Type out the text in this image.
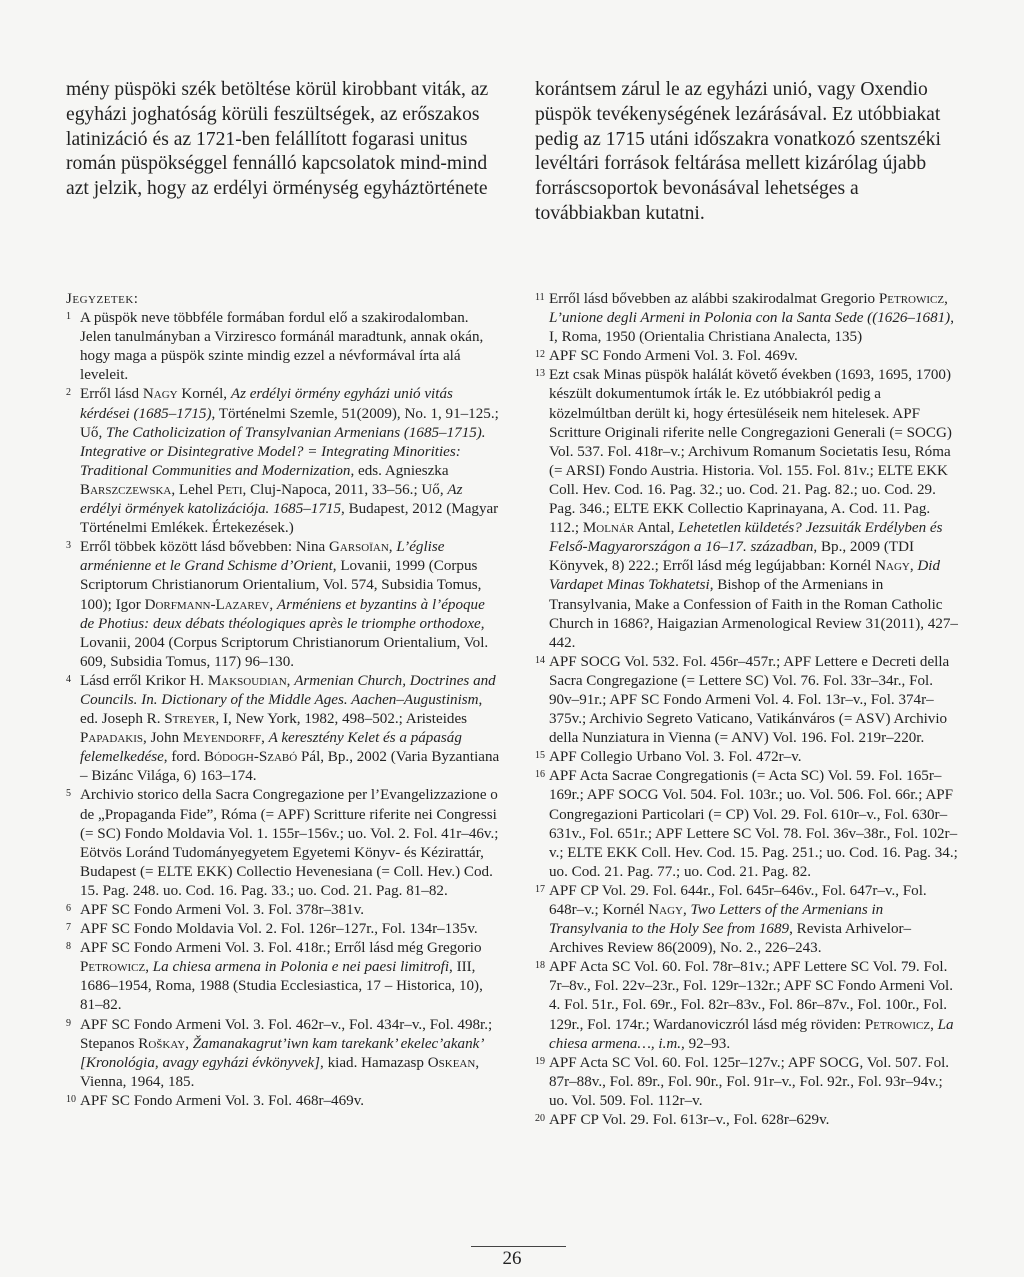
mény püspöki szék betöltése körül kirobbant viták, az egyházi joghatóság körüli feszültségek, az erőszakos latinizáció és az 1721-ben felállított fogarasi unitus román püspökséggel fennálló kapcsolatok mind-mind azt jelzik, hogy az erdélyi örménység egyháztörténete

korántsem zárul le az egyházi unió, vagy Oxendio püspök tevékenységének lezárásával. Ez utóbbiakat pedig az 1715 utáni időszakra vonatkozó szentszéki levéltári források feltárása mellett kizárólag újabb forráscsoportok bevonásával lehetséges a továbbiakban kutatni.

Jegyzetek:

1 A püspök neve többféle formában fordul elő a szakirodalomban. Jelen tanulmányban a Virziresco formánál maradtunk, annak okán, hogy maga a püspök szinte mindig ezzel a névformával írta alá leveleit.

2 Erről lásd Nagy Kornél, Az erdélyi örmény egyházi unió vitás kérdései (1685–1715), Történelmi Szemle, 51(2009), No. 1, 91–125.; Uő, The Catholicization of Transylvanian Armenians (1685–1715). Integrative or Disintegrative Model? = Integrating Minorities: Traditional Communities and Modernization, eds. Agnieszka Barszczewska, Lehel Peti, Cluj-Napoca, 2011, 33–56.; Uő, Az erdélyi örmények katolizációja. 1685–1715, Budapest, 2012 (Magyar Történelmi Emlékek. Értekezések.)

3 Erről többek között lásd bővebben: Nina Garsoïan, L’église arménienne et le Grand Schisme d’Orient, Lovanii, 1999 (Corpus Scriptorum Christianorum Orientalium, Vol. 574, Subsidia Tomus, 100); Igor Dorfmann-Lazarev, Arméniens et byzantins à l’époque de Photius: deux débats théologiques après le triomphe orthodoxe, Lovanii, 2004 (Corpus Scriptorum Christianorum Orientalium, Vol. 609, Subsidia Tomus, 117) 96–130.

4 Lásd erről Krikor H. Maksoudian, Armenian Church, Doctrines and Councils. In. Dictionary of the Middle Ages. Aachen–Augustinism, ed. Joseph R. Streyer, I, New York, 1982, 498–502.; Aristeides Papadakis, John Meyendorff, A keresztény Kelet és a pápaság felemelkedése, ford. Bódogh-Szabó Pál, Bp., 2002 (Varia Byzantiana – Bizánc Világa, 6) 163–174.

5 Archivio storico della Sacra Congregazione per l’Evangelizzazione o de „Propaganda Fide”, Róma (= APF) Scritture riferite nei Congressi (= SC) Fondo Moldavia Vol. 1. 155r–156v.; uo. Vol. 2. Fol. 41r–46v.; Eötvös Loránd Tudományegyetem Egyetemi Könyv- és Kézirattár, Budapest (= ELTE EKK) Collectio Hevenesiana (= Coll. Hev.) Cod. 15. Pag. 248. uo. Cod. 16. Pag. 33.; uo. Cod. 21. Pag. 81–82.

6 APF SC Fondo Armeni Vol. 3. Fol. 378r–381v.

7 APF SC Fondo Moldavia Vol. 2. Fol. 126r–127r., Fol. 134r–135v.

8 APF SC Fondo Armeni Vol. 3. Fol. 418r.; Erről lásd még Gregorio Petrowicz, La chiesa armena in Polonia e nei paesi limitrofi, III, 1686–1954, Roma, 1988 (Studia Ecclesiastica, 17 – Historica, 10), 81–82.

9 APF SC Fondo Armeni Vol. 3. Fol. 462r–v., Fol. 434r–v., Fol. 498r.; Stepanos Roškay, Žamanakagrut’iwn kam tarekank’ ekelec’akank’ [Kronológia, avagy egyházi évkönyvek], kiad. Hamazasp Oskean, Vienna, 1964, 185.

10 APF SC Fondo Armeni Vol. 3. Fol. 468r–469v.

11 Erről lásd bővebben az alábbi szakirodalmat Gregorio Petrowicz, L’unione degli Armeni in Polonia con la Santa Sede ((1626–1681), I, Roma, 1950 (Orientalia Christiana Analecta, 135)

12 APF SC Fondo Armeni Vol. 3. Fol. 469v.

13 Ezt csak Minas püspök halálát követő években (1693, 1695, 1700) készült dokumentumok írták le. Ez utóbbiakról pedig a közelmúltban derült ki, hogy értesüléseik nem hitelesek. APF Scritture Originali riferite nelle Congregazioni Generali (= SOCG) Vol. 537. Fol. 418r–v.; Archivum Romanum Societatis Iesu, Róma (= ARSI) Fondo Austria. Historia. Vol. 155. Fol. 81v.; ELTE EKK Coll. Hev. Cod. 16. Pag. 32.; uo. Cod. 21. Pag. 82.; uo. Cod. 29. Pag. 346.; ELTE EKK Collectio Kaprinayana, A. Cod. 11. Pag. 112.; Molnár Antal, Lehetetlen küldetés? Jezsuiták Erdélyben és Felső-Magyarországon a 16–17. században, Bp., 2009 (TDI Könyvek, 8) 222.; Erről lásd még legújabban: Kornél Nagy, Did Vardapet Minas Tokhatetsi, Bishop of the Armenians in Transylvania, Make a Confession of Faith in the Roman Catholic Church in 1686?, Haigazian Armenological Review 31(2011), 427–442.

14 APF SOCG Vol. 532. Fol. 456r–457r.; APF Lettere e Decreti della Sacra Congregazione (= Lettere SC) Vol. 76. Fol. 33r–34r., Fol. 90v–91r.; APF SC Fondo Armeni Vol. 4. Fol. 13r–v., Fol. 374r–375v.; Archivio Segreto Vaticano, Vatikánváros (= ASV) Archivio della Nunziatura in Vienna (= ANV) Vol. 196. Fol. 219r–220r.

15 APF Collegio Urbano Vol. 3. Fol. 472r–v.

16 APF Acta Sacrae Congregationis (= Acta SC) Vol. 59. Fol. 165r–169r.; APF SOCG Vol. 504. Fol. 103r.; uo. Vol. 506. Fol. 66r.; APF Congregazioni Particolari (= CP) Vol. 29. Fol. 610r–v., Fol. 630r–631v., Fol. 651r.; APF Lettere SC Vol. 78. Fol. 36v–38r., Fol. 102r–v.; ELTE EKK Coll. Hev. Cod. 15. Pag. 251.; uo. Cod. 16. Pag. 34.; uo. Cod. 21. Pag. 77.; uo. Cod. 21. Pag. 82.

17 APF CP Vol. 29. Fol. 644r., Fol. 645r–646v., Fol. 647r–v., Fol. 648r–v.; Kornél Nagy, Two Letters of the Armenians in Transylvania to the Holy See from 1689, Revista Arhivelor–Archives Review 86(2009), No. 2., 226–243.

18 APF Acta SC Vol. 60. Fol. 78r–81v.; APF Lettere SC Vol. 79. Fol. 7r–8v., Fol. 22v–23r., Fol. 129r–132r.; APF SC Fondo Armeni Vol. 4. Fol. 51r., Fol. 69r., Fol. 82r–83v., Fol. 86r–87v., Fol. 100r., Fol. 129r., Fol. 174r.; Wardanoviczról lásd még röviden: Petrowicz, La chiesa armena…, i.m., 92–93.

19 APF Acta SC Vol. 60. Fol. 125r–127v.; APF SOCG, Vol. 507. Fol. 87r–88v., Fol. 89r., Fol. 90r., Fol. 91r–v., Fol. 92r., Fol. 93r–94v.; uo. Vol. 509. Fol. 112r–v.

20 APF CP Vol. 29. Fol. 613r–v., Fol. 628r–629v.

26
